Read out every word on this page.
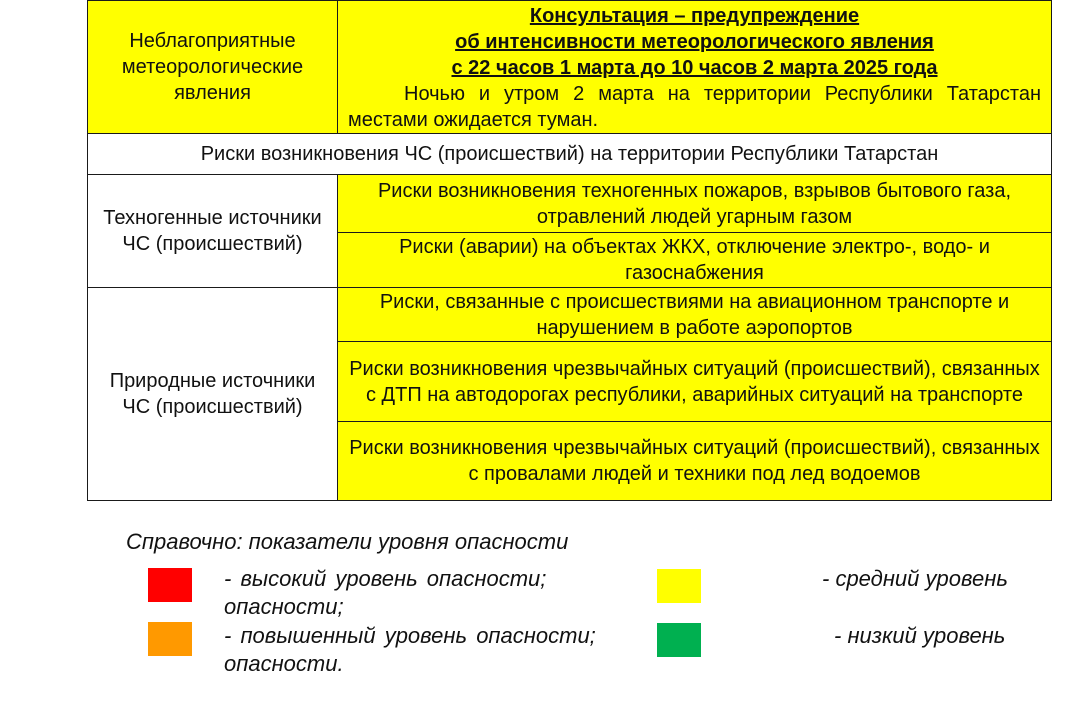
Неблагоприятные метеорологические явления	Консультация – предупреждение
об интенсивности метеорологического явления
с 22 часов 1 марта до 10 часов 2 марта 2025 года
Ночью и утром 2 марта на территории Республики Татарстан местами ожидается туман.

Риски возникновения ЧС (происшествий) на территории Республики Татарстан	
Техногенные источники ЧС (происшествий)	Риски возникновения техногенных пожаров, взрывов бытового газа, отравлений людей угарным газом
	Риски (аварии) на объектах ЖКХ, отключение электро-, водо- и газоснабжения
Природные источники ЧС (происшествий)	Риски, связанные с происшествиями на авиационном транспорте и нарушением в работе аэропортов
	Риски возникновения чрезвычайных ситуаций (происшествий), связанных с ДТП на автодорогах республики, аварийных ситуаций на транспорте
	Риски возникновения чрезвычайных ситуаций (происшествий), связанных с провалами людей и техники под лед водоемов
Справочно: показатели уровня опасности
- высокий уровень опасности;
опасности;
- средний уровень
- повышенный уровень опасности;
опасности.
- низкий уровень
